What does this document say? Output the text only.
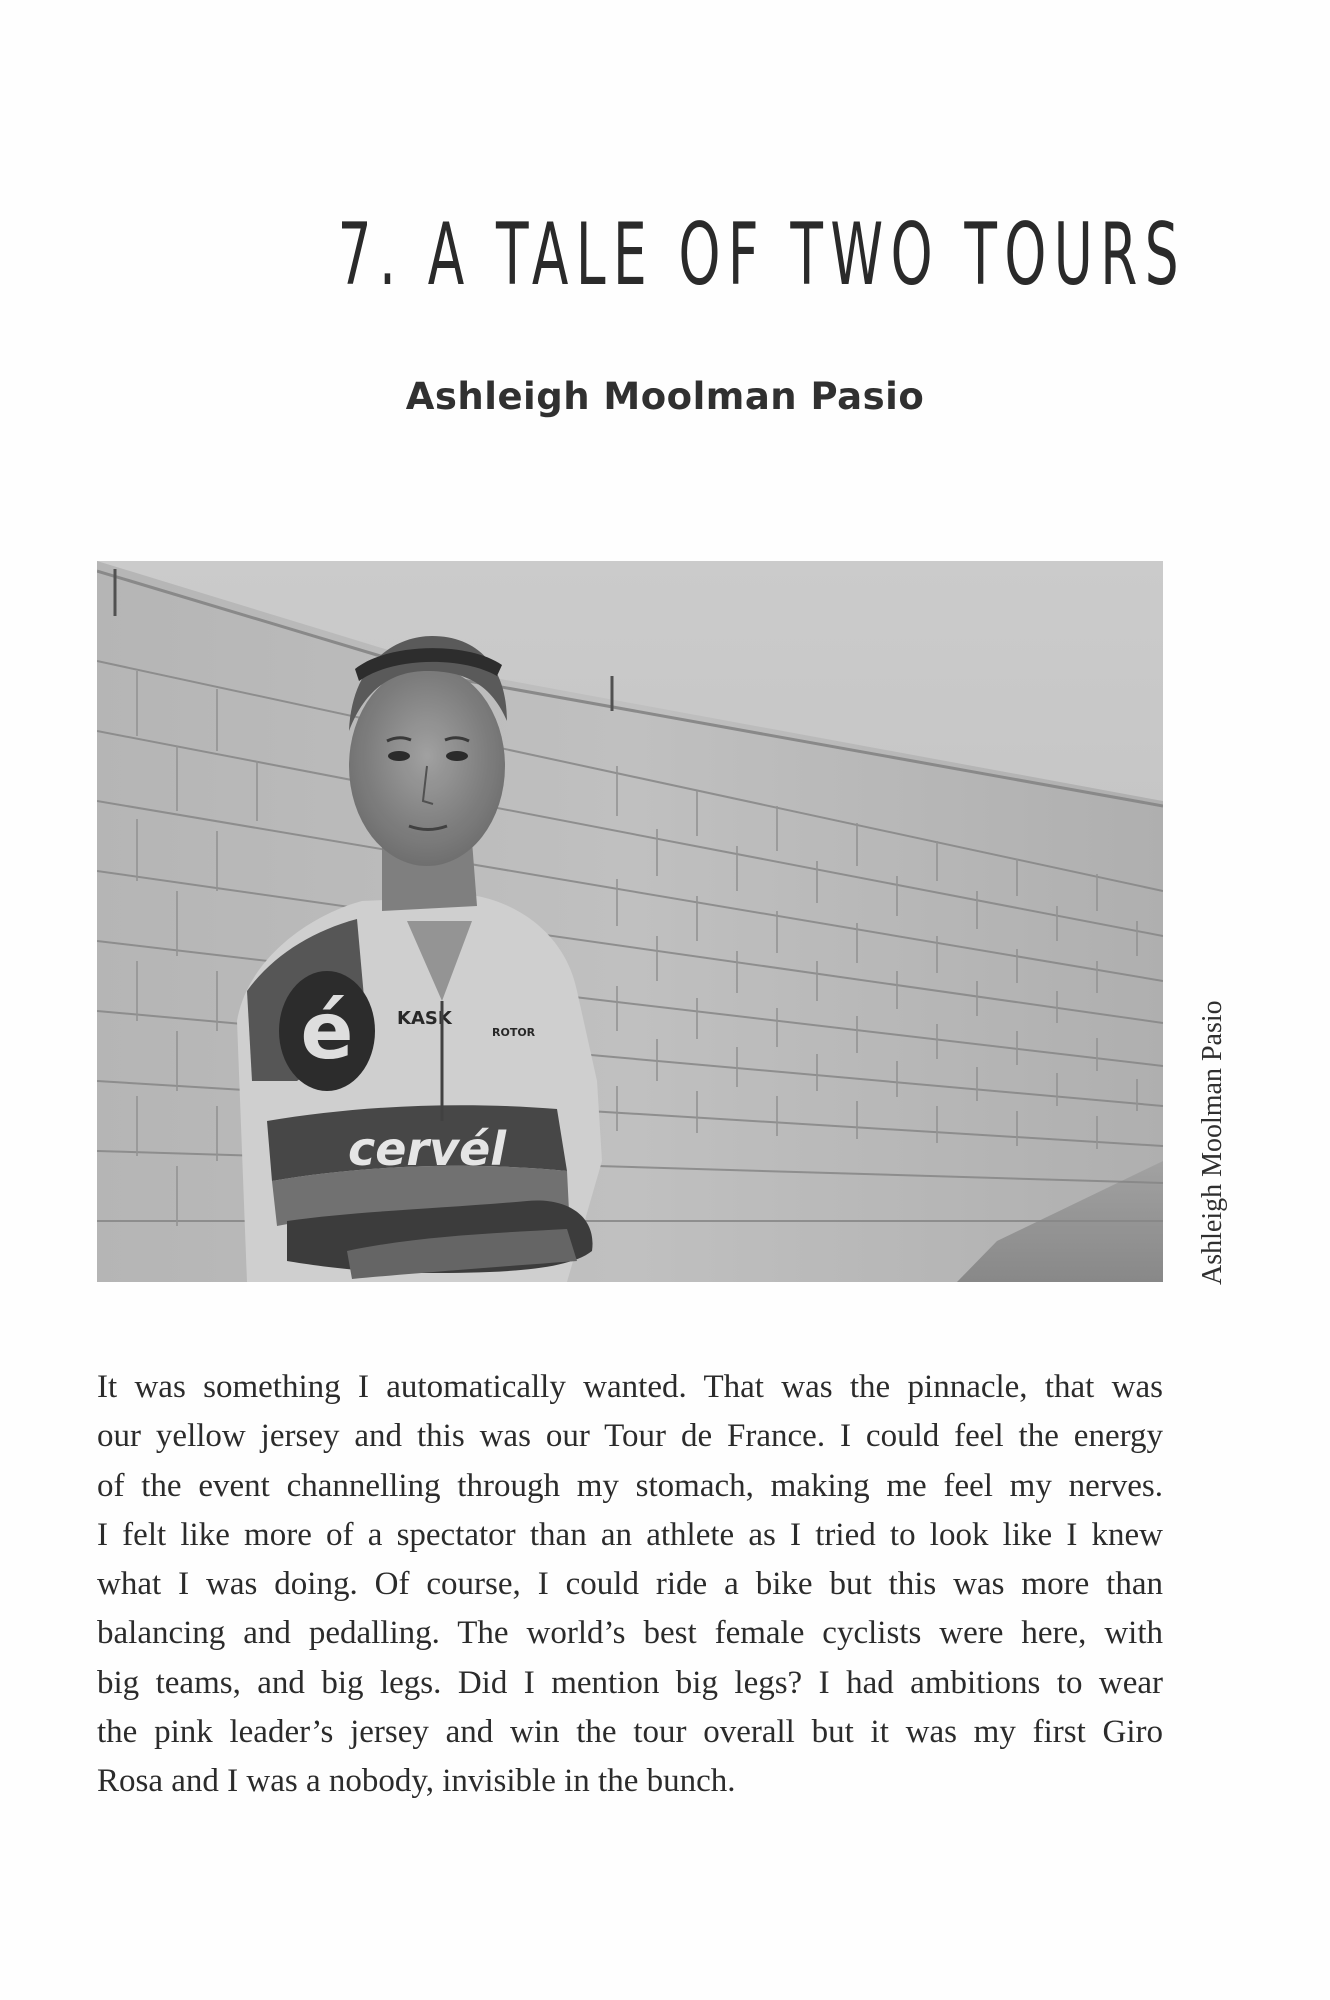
7. A TALE OF TWO TOURS
Ashleigh Moolman Pasio
é
cervél
KASK
ROTOR	Ashleigh Moolman Pasio
It was something I automatically wanted. That was the pinnacle, that was
our yellow jersey and this was our Tour de France. I could feel the energy
of the event channelling through my stomach, making me feel my nerves.
I felt like more of a spectator than an athlete as I tried to look like I knew
what I was doing. Of course, I could ride a bike but this was more than
balancing and pedalling. The world’s best female cyclists were here, with
big teams, and big legs. Did I mention big legs? I had ambitions to wear
the pink leader’s jersey and win the tour overall but it was my first Giro
Rosa and I was a nobody, invisible in the bunch.
